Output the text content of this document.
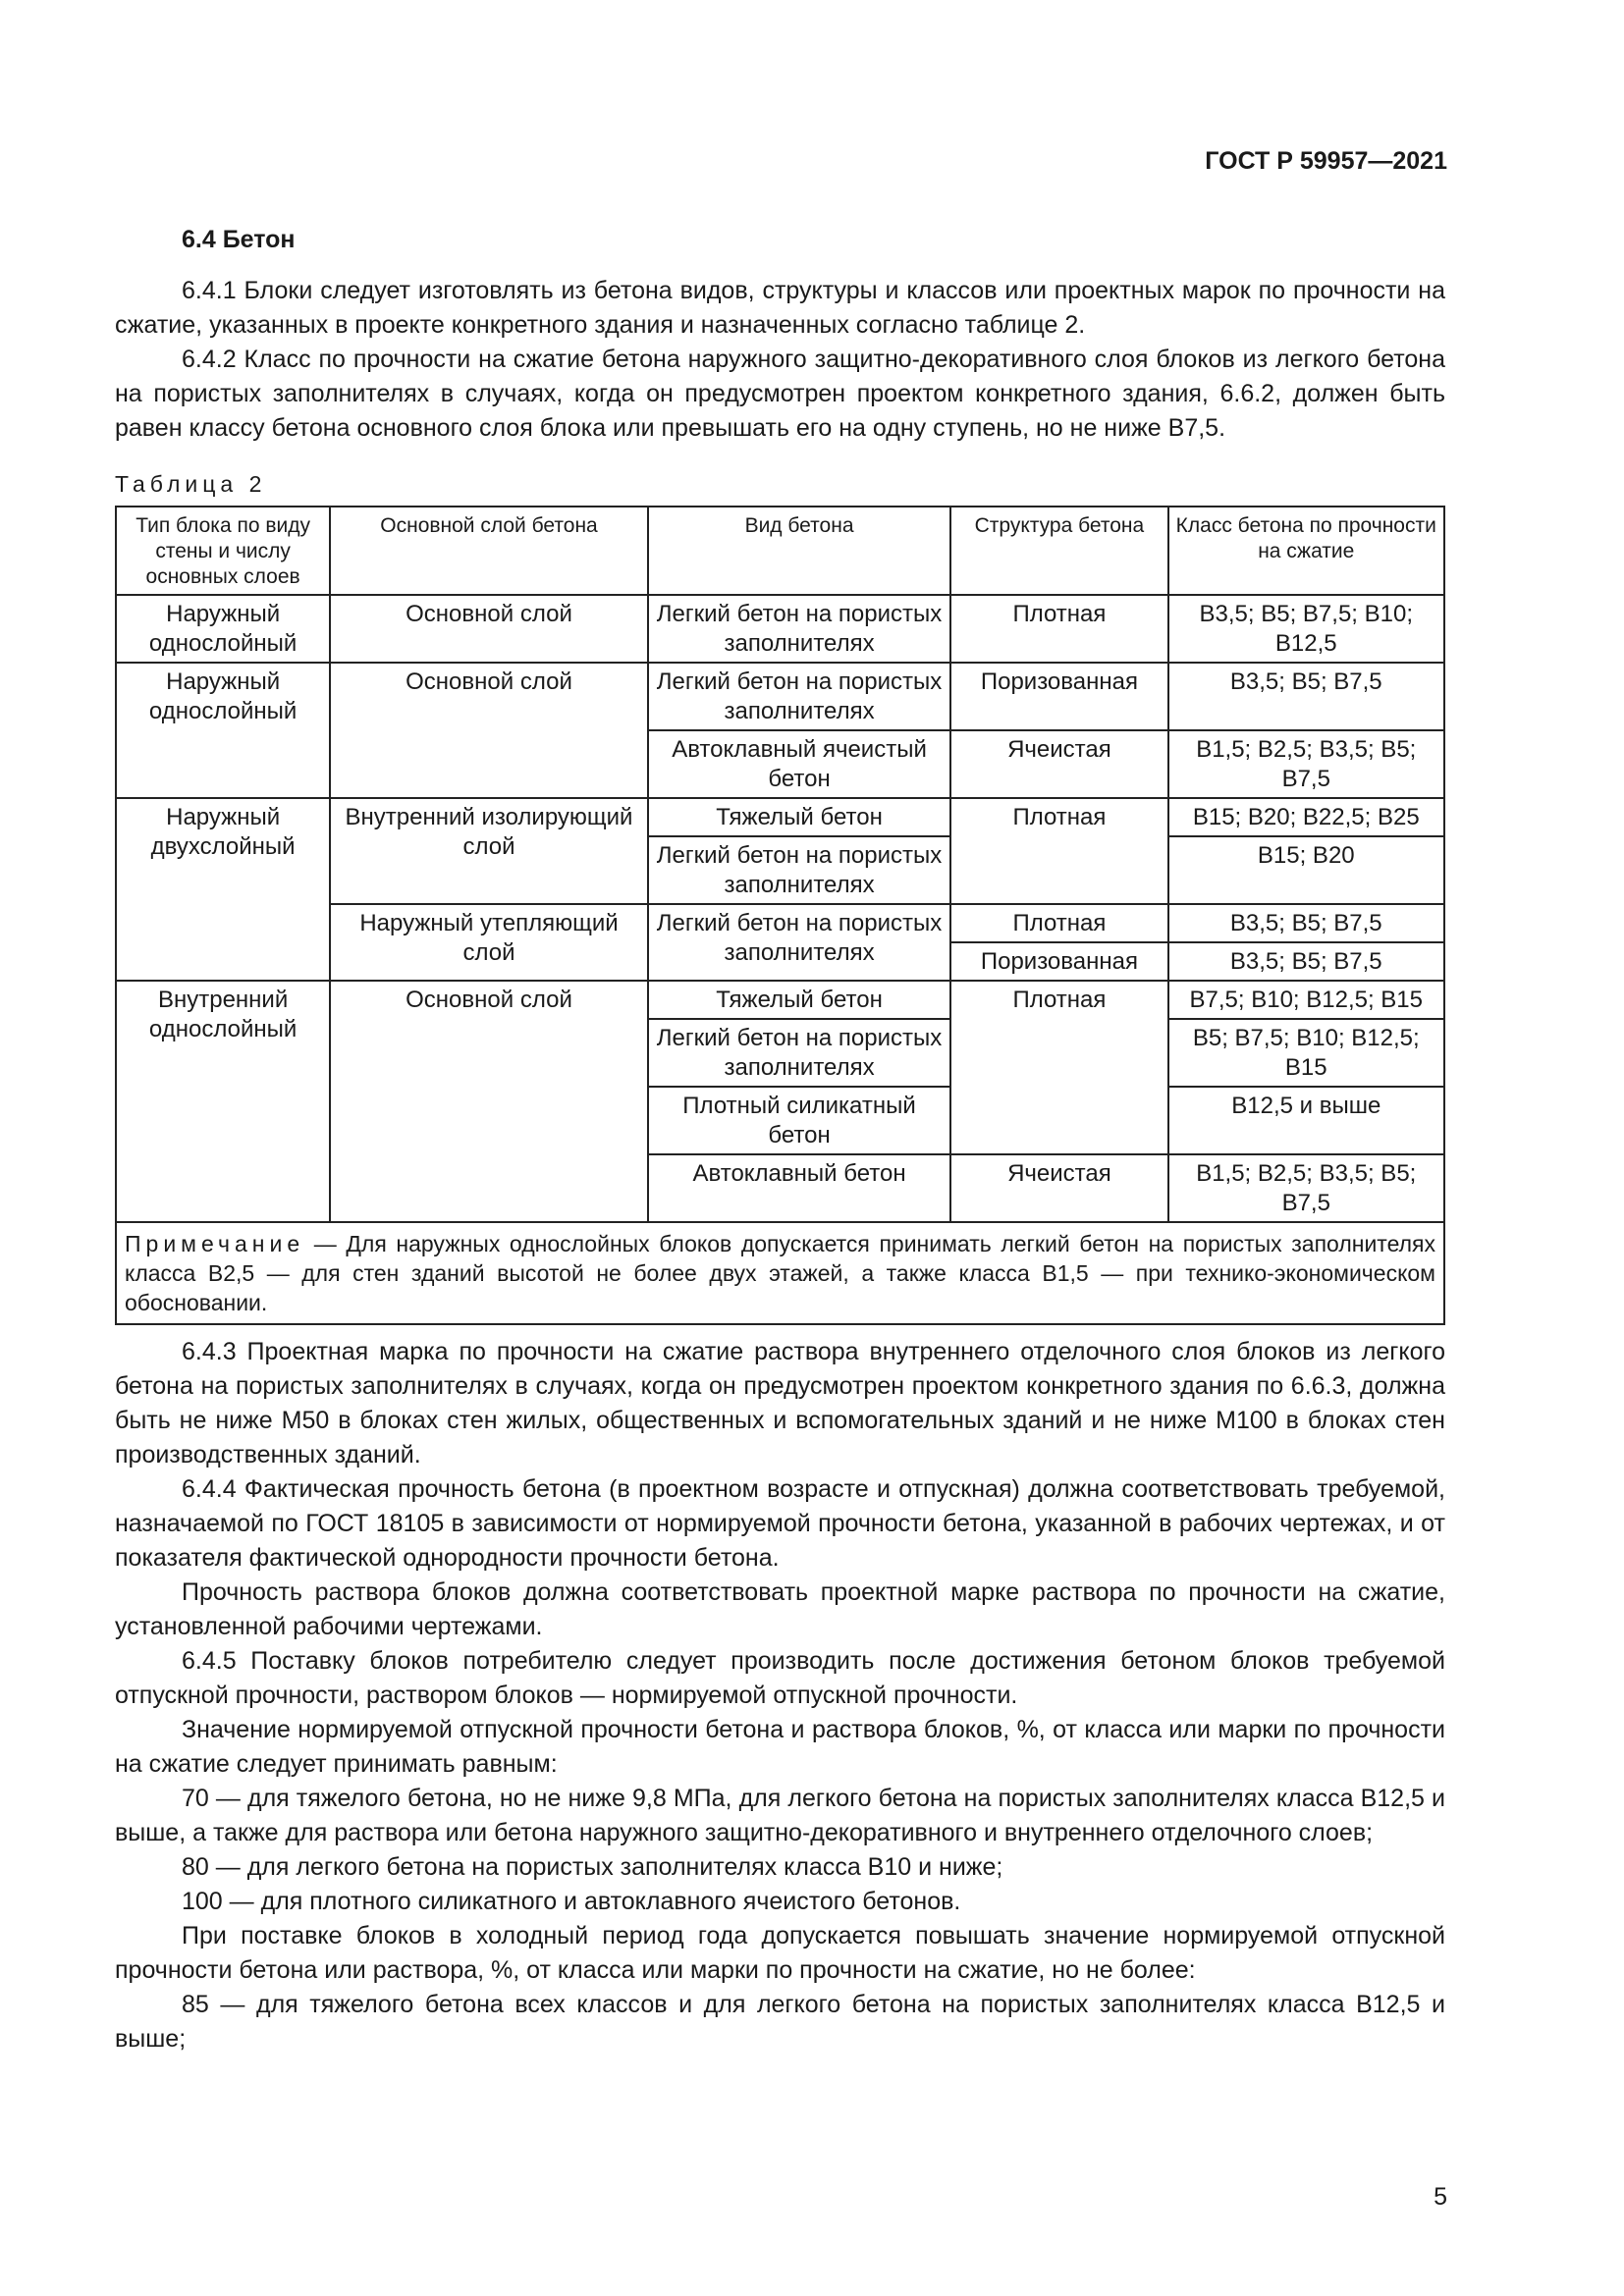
ГОСТ Р 59957—2021
6.4 Бетон

6.4.1 Блоки следует изготовлять из бетона видов, структуры и классов или проектных марок по прочности на сжатие, указанных в проекте конкретного здания и назначенных согласно таблице 2.

6.4.2 Класс по прочности на сжатие бетона наружного защитно-декоративного слоя блоков из легкого бетона на пористых заполнителях в случаях, когда он предусмотрен проектом конкретного здания, 6.6.2, должен быть равен классу бетона основного слоя блока или превышать его на одну ступень, но не ниже В7,5.

Таблица 2
Тип блока по виду стены и числу основных слоев	Основной слой бетона	Вид бетона	Структура бетона	Класс бетона по прочности на сжатие
Наружный однослойный	Основной слой	Легкий бетон на пористых заполнителях	Плотная	В3,5; В5; В7,5; В10; В12,5
Наружный однослойный	Основной слой	Легкий бетон на пористых заполнителях	Поризованная	В3,5; В5; В7,5
		Автоклавный ячеистый бетон	Ячеистая	В1,5; В2,5; В3,5; В5; В7,5
Наружный двухслойный	Внутренний изолирующий слой	Тяжелый бетон	Плотная	В15; В20; В22,5; В25
		Легкий бетон на пористых заполнителях		В15; В20
	Наружный утепляющий слой	Легкий бетон на пористых заполнителях	Плотная	В3,5; В5; В7,5
			Поризованная	В3,5; В5; В7,5
Внутренний однослойный	Основной слой	Тяжелый бетон	Плотная	В7,5; В10; В12,5; В15
		Легкий бетон на пористых заполнителях		В5; В7,5; В10; В12,5; В15
		Плотный силикатный бетон		В12,5 и выше
		Автоклавный бетон	Ячеистая	В1,5; В2,5; В3,5; В5; В7,5
Примечание — Для наружных однослойных блоков допускается принимать легкий бетон на пористых заполнителях класса В2,5 — для стен зданий высотой не более двух этажей, а также класса В1,5 — при технико-экономическом обосновании.				

6.4.3 Проектная марка по прочности на сжатие раствора внутреннего отделочного слоя блоков из легкого бетона на пористых заполнителях в случаях, когда он предусмотрен проектом конкретного здания по 6.6.3, должна быть не ниже М50 в блоках стен жилых, общественных и вспомогательных зданий и не ниже М100 в блоках стен производственных зданий.

6.4.4 Фактическая прочность бетона (в проектном возрасте и отпускная) должна соответствовать требуемой, назначаемой по ГОСТ 18105 в зависимости от нормируемой прочности бетона, указанной в рабочих чертежах, и от показателя фактической однородности прочности бетона.

Прочность раствора блоков должна соответствовать проектной марке раствора по прочности на сжатие, установленной рабочими чертежами.

6.4.5 Поставку блоков потребителю следует производить после достижения бетоном блоков требуемой отпускной прочности, раствором блоков — нормируемой отпускной прочности.

Значение нормируемой отпускной прочности бетона и раствора блоков, %, от класса или марки по прочности на сжатие следует принимать равным:

70 — для тяжелого бетона, но не ниже 9,8 МПа, для легкого бетона на пористых заполнителях класса В12,5 и выше, а также для раствора или бетона наружного защитно-декоративного и внутреннего отделочного слоев;

80 — для легкого бетона на пористых заполнителях класса В10 и ниже;

100 — для плотного силикатного и автоклавного ячеистого бетонов.

При поставке блоков в холодный период года допускается повышать значение нормируемой отпускной прочности бетона или раствора, %, от класса или марки по прочности на сжатие, но не более:

85 — для тяжелого бетона всех классов и для легкого бетона на пористых заполнителях класса В12,5 и выше;

5
